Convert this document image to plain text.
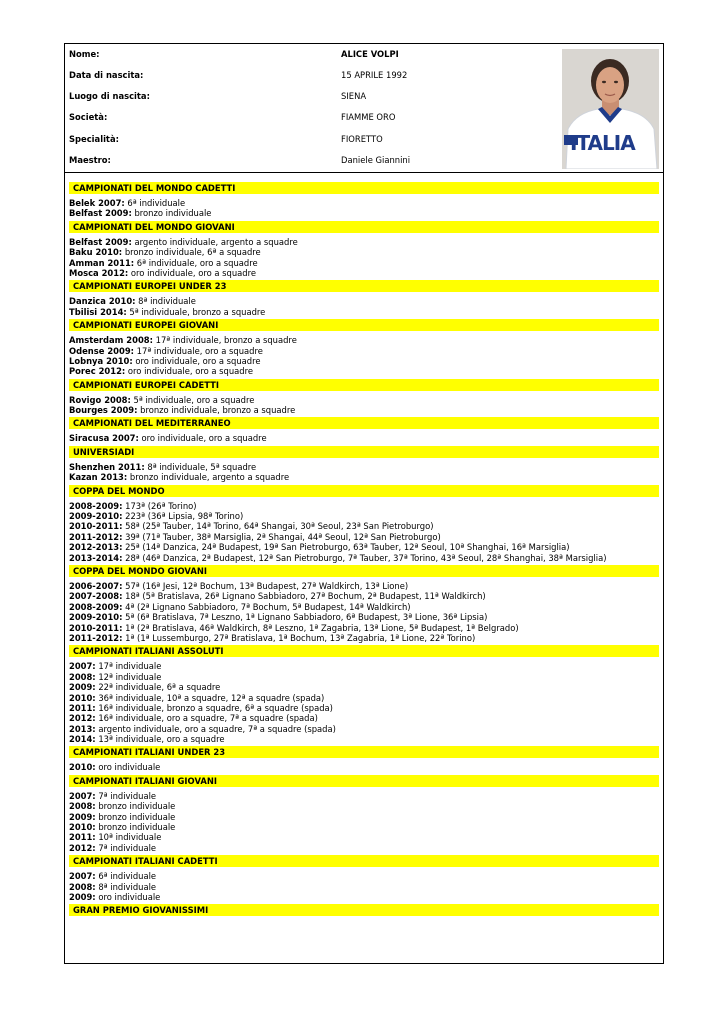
Nome:	ALICE VOLPI
Data di nascita:	15 APRILE 1992
Luogo di nascita:	SIENA
Società:	FIAMME ORO
Specialità:	FIORETTO
Maestro:	Daniele Giannini
ITALIA
CAMPIONATI DEL MONDO CADETTI
Belek 2007: 6ª individuale
Belfast 2009: bronzo individuale
CAMPIONATI DEL MONDO GIOVANI
Belfast 2009: argento individuale, argento a squadre
Baku 2010: bronzo individuale, 6ª a squadre
Amman 2011: 6ª individuale, oro a squadre
Mosca 2012: oro individuale, oro a squadre
CAMPIONATI EUROPEI UNDER 23
Danzica 2010: 8ª individuale
Tbilisi 2014: 5ª individuale, bronzo a squadre
CAMPIONATI EUROPEI GIOVANI
Amsterdam 2008: 17ª individuale, bronzo a squadre
Odense 2009: 17ª individuale, oro a squadre
Lobnya 2010: oro individuale, oro a squadre
Porec 2012: oro individuale, oro a squadre
CAMPIONATI EUROPEI CADETTI
Rovigo 2008: 5ª individuale, oro a squadre
Bourges 2009: bronzo individuale, bronzo a squadre
CAMPIONATI DEL MEDITERRANEO
Siracusa 2007: oro individuale, oro a squadre
UNIVERSIADI
Shenzhen 2011: 8ª individuale, 5ª squadre
Kazan 2013: bronzo individuale, argento a squadre
COPPA DEL MONDO
2008-2009: 173ª (26ª Torino)
2009-2010: 223ª (36ª Lipsia, 98ª Torino)
2010-2011: 58ª (25ª Tauber, 14ª Torino, 64ª Shangai, 30ª Seoul, 23ª San Pietroburgo)
2011-2012: 39ª (71ª Tauber, 38ª Marsiglia, 2ª Shangai, 44ª Seoul, 12ª San Pietroburgo)
2012-2013: 25ª (14ª Danzica, 24ª Budapest, 19ª San Pietroburgo, 63ª Tauber, 12ª Seoul, 10ª Shanghai, 16ª Marsiglia)
2013-2014: 28ª (46ª Danzica, 2ª Budapest, 12ª San Pietroburgo, 7ª Tauber, 37ª Torino, 43ª Seoul, 28ª Shanghai, 38ª Marsiglia)
COPPA DEL MONDO GIOVANI
2006-2007: 57ª (16ª Jesi, 12ª Bochum, 13ª Budapest, 27ª Waldkirch, 13ª Lione)
2007-2008: 18ª (5ª Bratislava, 26ª Lignano Sabbiadoro, 27ª Bochum, 2ª Budapest, 11ª Waldkirch)
2008-2009: 4ª (2ª Lignano Sabbiadoro, 7ª Bochum, 5ª Budapest, 14ª Waldkirch)
2009-2010: 5ª (6ª Bratislava, 7ª Leszno, 1ª Lignano Sabbiadoro, 6ª Budapest, 3ª Lione, 36ª Lipsia)
2010-2011: 1ª (2ª Bratislava, 46ª Waldkirch, 8ª Leszno, 1ª Zagabria, 13ª Lione, 5ª Budapest, 1ª Belgrado)
2011-2012: 1ª (1ª Lussemburgo, 27ª Bratislava, 1ª Bochum, 13ª Zagabria, 1ª Lione, 22ª Torino)
CAMPIONATI ITALIANI ASSOLUTI
2007: 17ª individuale
2008: 12ª individuale
2009: 22ª individuale, 6ª a squadre
2010: 36ª individuale, 10ª a squadre, 12ª a squadre (spada)
2011: 16ª individuale, bronzo a squadre, 6ª a squadre (spada)
2012: 16ª individuale, oro a squadre, 7ª a squadre (spada)
2013: argento individuale, oro a squadre, 7ª a squadre (spada)
2014: 13ª individuale, oro a squadre
CAMPIONATI ITALIANI UNDER 23
2010: oro individuale
CAMPIONATI ITALIANI GIOVANI
2007: 7ª individuale
2008: bronzo individuale
2009: bronzo individuale
2010: bronzo individuale
2011: 10ª individuale
2012: 7ª individuale
CAMPIONATI ITALIANI CADETTI
2007: 6ª individuale
2008: 8ª individuale
2009: oro individuale
GRAN PREMIO GIOVANISSIMI
